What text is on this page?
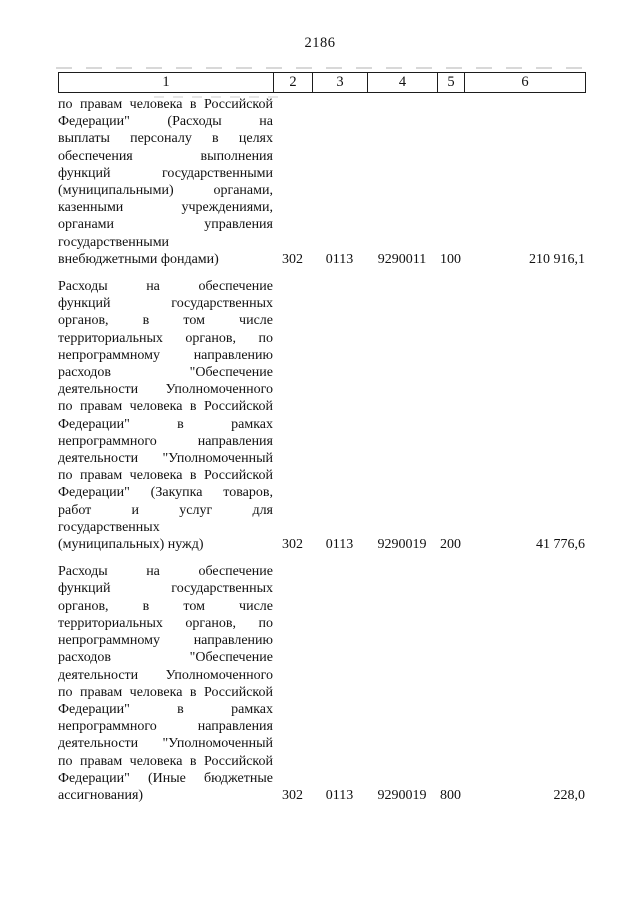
2186
1	2	3	4	5	6
по правам человека в Российской
Федерации" (Расходы на
выплаты персоналу в целях
обеспечения выполнения
функций государственными
(муниципальными) органами,
казенными учреждениями,
органами управления
государственными
внебюджетными фондами)	302	0113	9290011 100	210 916,1
Расходы на обеспечение
функций государственных
органов, в том числе
территориальных органов, по
непрограммному направлению
расходов "Обеспечение
деятельности Уполномоченного
по правам человека в Российской
Федерации" в рамках
непрограммного направления
деятельности "Уполномоченный
по правам человека в Российской
Федерации" (Закупка товаров,
работ и услуг для
государственных
(муниципальных) нужд)	302	0113	9290019 200	41 776,6
Расходы на обеспечение
функций государственных
органов, в том числе
территориальных органов, по
непрограммному направлению
расходов "Обеспечение
деятельности Уполномоченного
по правам человека в Российской
Федерации" в рамках
непрограммного направления
деятельности "Уполномоченный
по правам человека в Российской
Федерации" (Иные бюджетные
ассигнования)	302	0113	9290019 800	228,0
